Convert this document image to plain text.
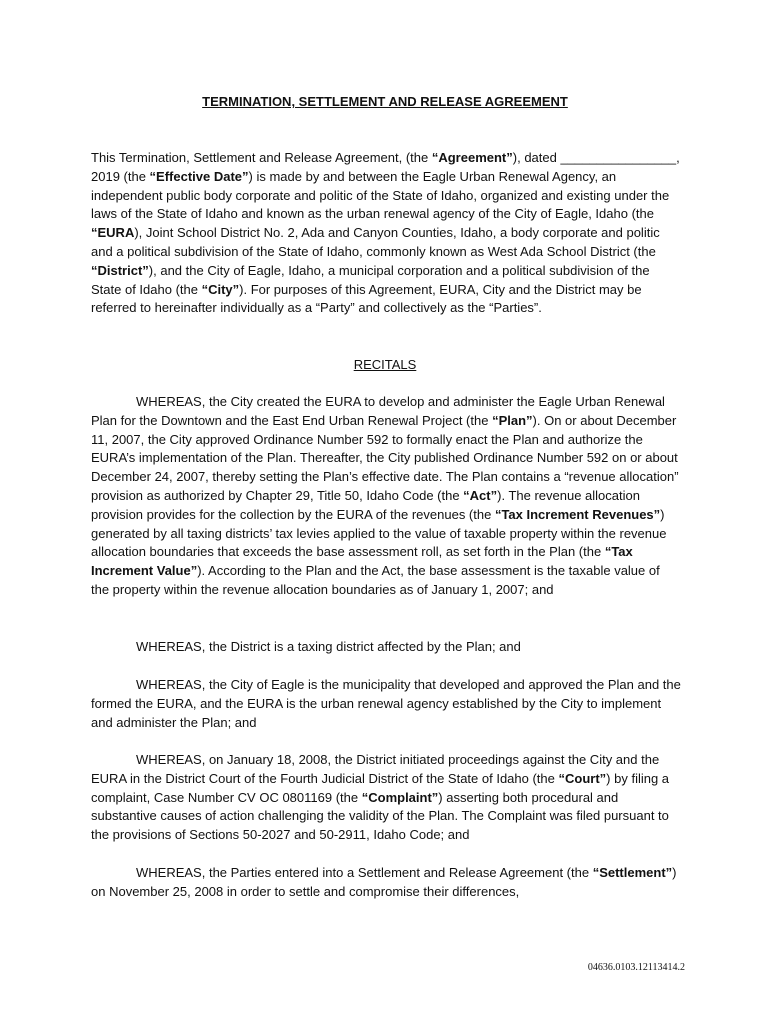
TERMINATION, SETTLEMENT AND RELEASE AGREEMENT
This Termination, Settlement and Release Agreement, (the “Agreement”), dated ________________, 2019 (the “Effective Date”) is made by and between the Eagle Urban Renewal Agency, an independent public body corporate and politic of the State of Idaho, organized and existing under the laws of the State of Idaho and known as the urban renewal agency of the City of Eagle, Idaho (the “EURA), Joint School District No. 2, Ada and Canyon Counties, Idaho, a body corporate and politic and a political subdivision of the State of Idaho, commonly known as West Ada School District (the “District”), and the City of Eagle, Idaho, a municipal corporation and a political subdivision of the State of Idaho (the “City”). For purposes of this Agreement, EURA, City and the District may be referred to hereinafter individually as a “Party” and collectively as the “Parties”.
RECITALS
WHEREAS, the City created the EURA to develop and administer the Eagle Urban Renewal Plan for the Downtown and the East End Urban Renewal Project (the “Plan”). On or about December 11, 2007, the City approved Ordinance Number 592 to formally enact the Plan and authorize the EURA’s implementation of the Plan. Thereafter, the City published Ordinance Number 592 on or about December 24, 2007, thereby setting the Plan’s effective date. The Plan contains a “revenue allocation” provision as authorized by Chapter 29, Title 50, Idaho Code (the “Act”). The revenue allocation provision provides for the collection by the EURA of the revenues (the “Tax Increment Revenues”) generated by all taxing districts’ tax levies applied to the value of taxable property within the revenue allocation boundaries that exceeds the base assessment roll, as set forth in the Plan (the “Tax Increment Value”). According to the Plan and the Act, the base assessment is the taxable value of the property within the revenue allocation boundaries as of January 1, 2007; and
WHEREAS, the District is a taxing district affected by the Plan; and
WHEREAS, the City of Eagle is the municipality that developed and approved the Plan and the formed the EURA, and the EURA is the urban renewal agency established by the City to implement and administer the Plan; and
WHEREAS, on January 18, 2008, the District initiated proceedings against the City and the EURA in the District Court of the Fourth Judicial District of the State of Idaho (the “Court”) by filing a complaint, Case Number CV OC 0801169 (the “Complaint”) asserting both procedural and substantive causes of action challenging the validity of the Plan. The Complaint was filed pursuant to the provisions of Sections 50-2027 and 50-2911, Idaho Code; and
WHEREAS, the Parties entered into a Settlement and Release Agreement (the “Settlement”) on November 25, 2008 in order to settle and compromise their differences,
04636.0103.12113414.2
